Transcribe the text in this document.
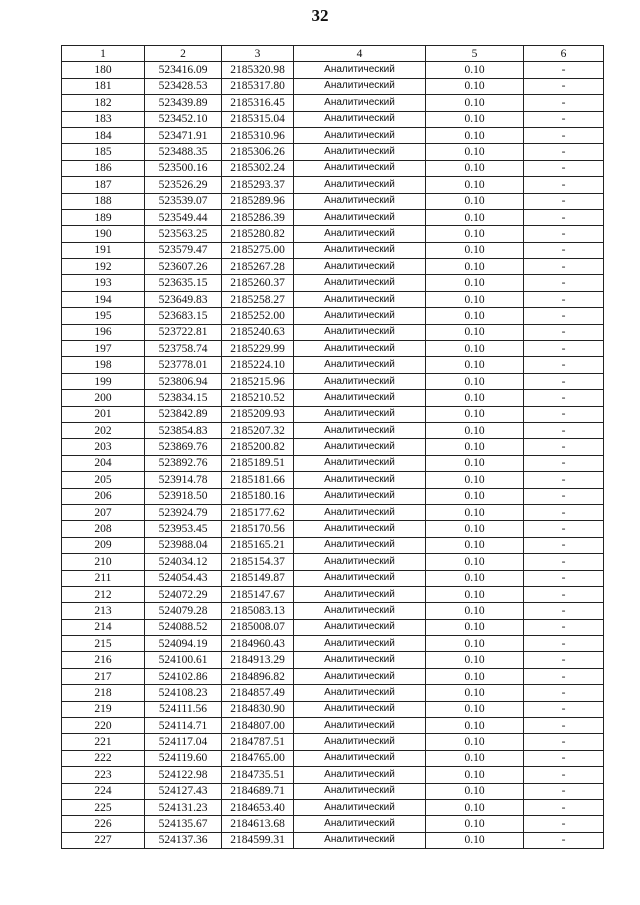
32
1	2	3	4	5	6
180	523416.09	2185320.98	Аналитический	0.10	-
181	523428.53	2185317.80	Аналитический	0.10	-
182	523439.89	2185316.45	Аналитический	0.10	-
183	523452.10	2185315.04	Аналитический	0.10	-
184	523471.91	2185310.96	Аналитический	0.10	-
185	523488.35	2185306.26	Аналитический	0.10	-
186	523500.16	2185302.24	Аналитический	0.10	-
187	523526.29	2185293.37	Аналитический	0.10	-
188	523539.07	2185289.96	Аналитический	0.10	-
189	523549.44	2185286.39	Аналитический	0.10	-
190	523563.25	2185280.82	Аналитический	0.10	-
191	523579.47	2185275.00	Аналитический	0.10	-
192	523607.26	2185267.28	Аналитический	0.10	-
193	523635.15	2185260.37	Аналитический	0.10	-
194	523649.83	2185258.27	Аналитический	0.10	-
195	523683.15	2185252.00	Аналитический	0.10	-
196	523722.81	2185240.63	Аналитический	0.10	-
197	523758.74	2185229.99	Аналитический	0.10	-
198	523778.01	2185224.10	Аналитический	0.10	-
199	523806.94	2185215.96	Аналитический	0.10	-
200	523834.15	2185210.52	Аналитический	0.10	-
201	523842.89	2185209.93	Аналитический	0.10	-
202	523854.83	2185207.32	Аналитический	0.10	-
203	523869.76	2185200.82	Аналитический	0.10	-
204	523892.76	2185189.51	Аналитический	0.10	-
205	523914.78	2185181.66	Аналитический	0.10	-
206	523918.50	2185180.16	Аналитический	0.10	-
207	523924.79	2185177.62	Аналитический	0.10	-
208	523953.45	2185170.56	Аналитический	0.10	-
209	523988.04	2185165.21	Аналитический	0.10	-
210	524034.12	2185154.37	Аналитический	0.10	-
211	524054.43	2185149.87	Аналитический	0.10	-
212	524072.29	2185147.67	Аналитический	0.10	-
213	524079.28	2185083.13	Аналитический	0.10	-
214	524088.52	2185008.07	Аналитический	0.10	-
215	524094.19	2184960.43	Аналитический	0.10	-
216	524100.61	2184913.29	Аналитический	0.10	-
217	524102.86	2184896.82	Аналитический	0.10	-
218	524108.23	2184857.49	Аналитический	0.10	-
219	524111.56	2184830.90	Аналитический	0.10	-
220	524114.71	2184807.00	Аналитический	0.10	-
221	524117.04	2184787.51	Аналитический	0.10	-
222	524119.60	2184765.00	Аналитический	0.10	-
223	524122.98	2184735.51	Аналитический	0.10	-
224	524127.43	2184689.71	Аналитический	0.10	-
225	524131.23	2184653.40	Аналитический	0.10	-
226	524135.67	2184613.68	Аналитический	0.10	-
227	524137.36	2184599.31	Аналитический	0.10	-
